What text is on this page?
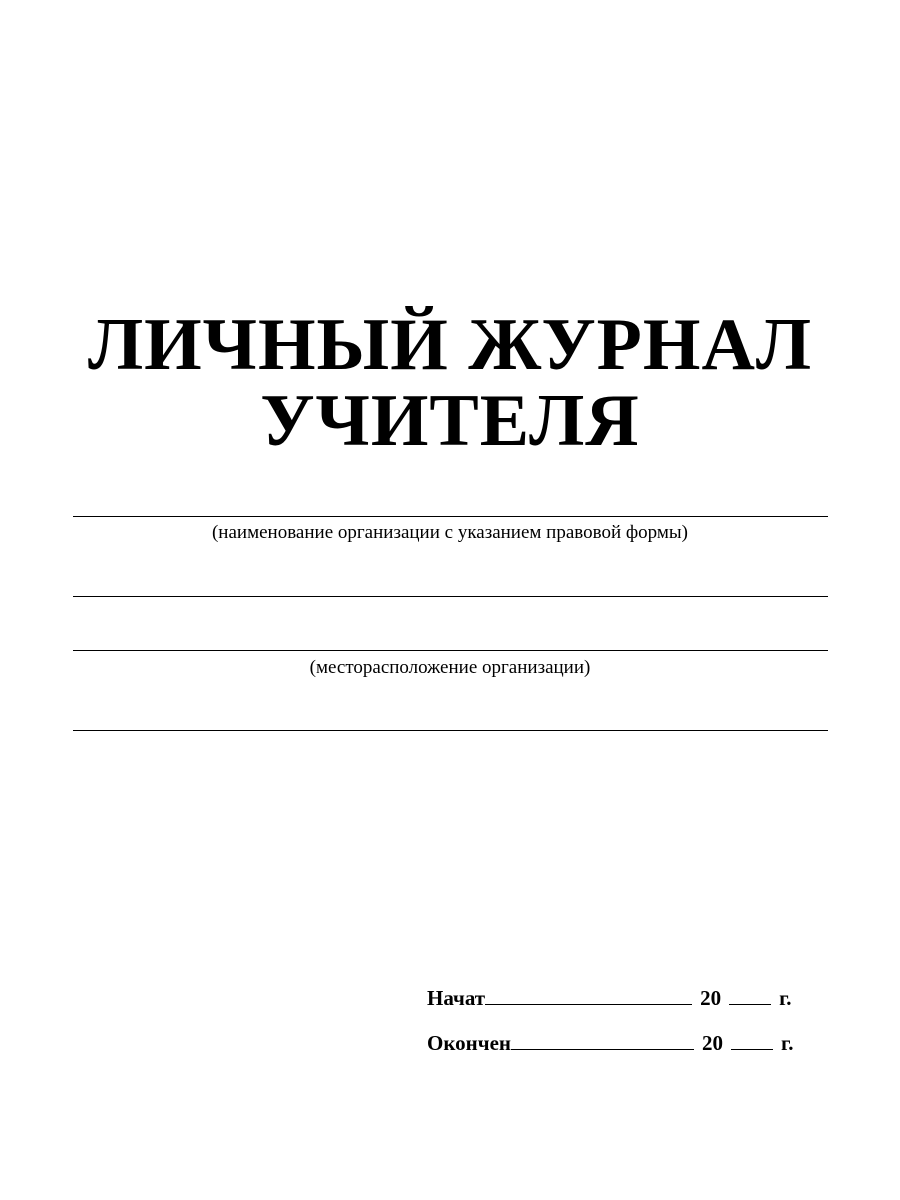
ЛИЧНЫЙ ЖУРНАЛ
УЧИТЕЛЯ
(наименование организации с указанием правовой формы)
(месторасположение организации)
Начат	20	г.
Окончен	20	г.
